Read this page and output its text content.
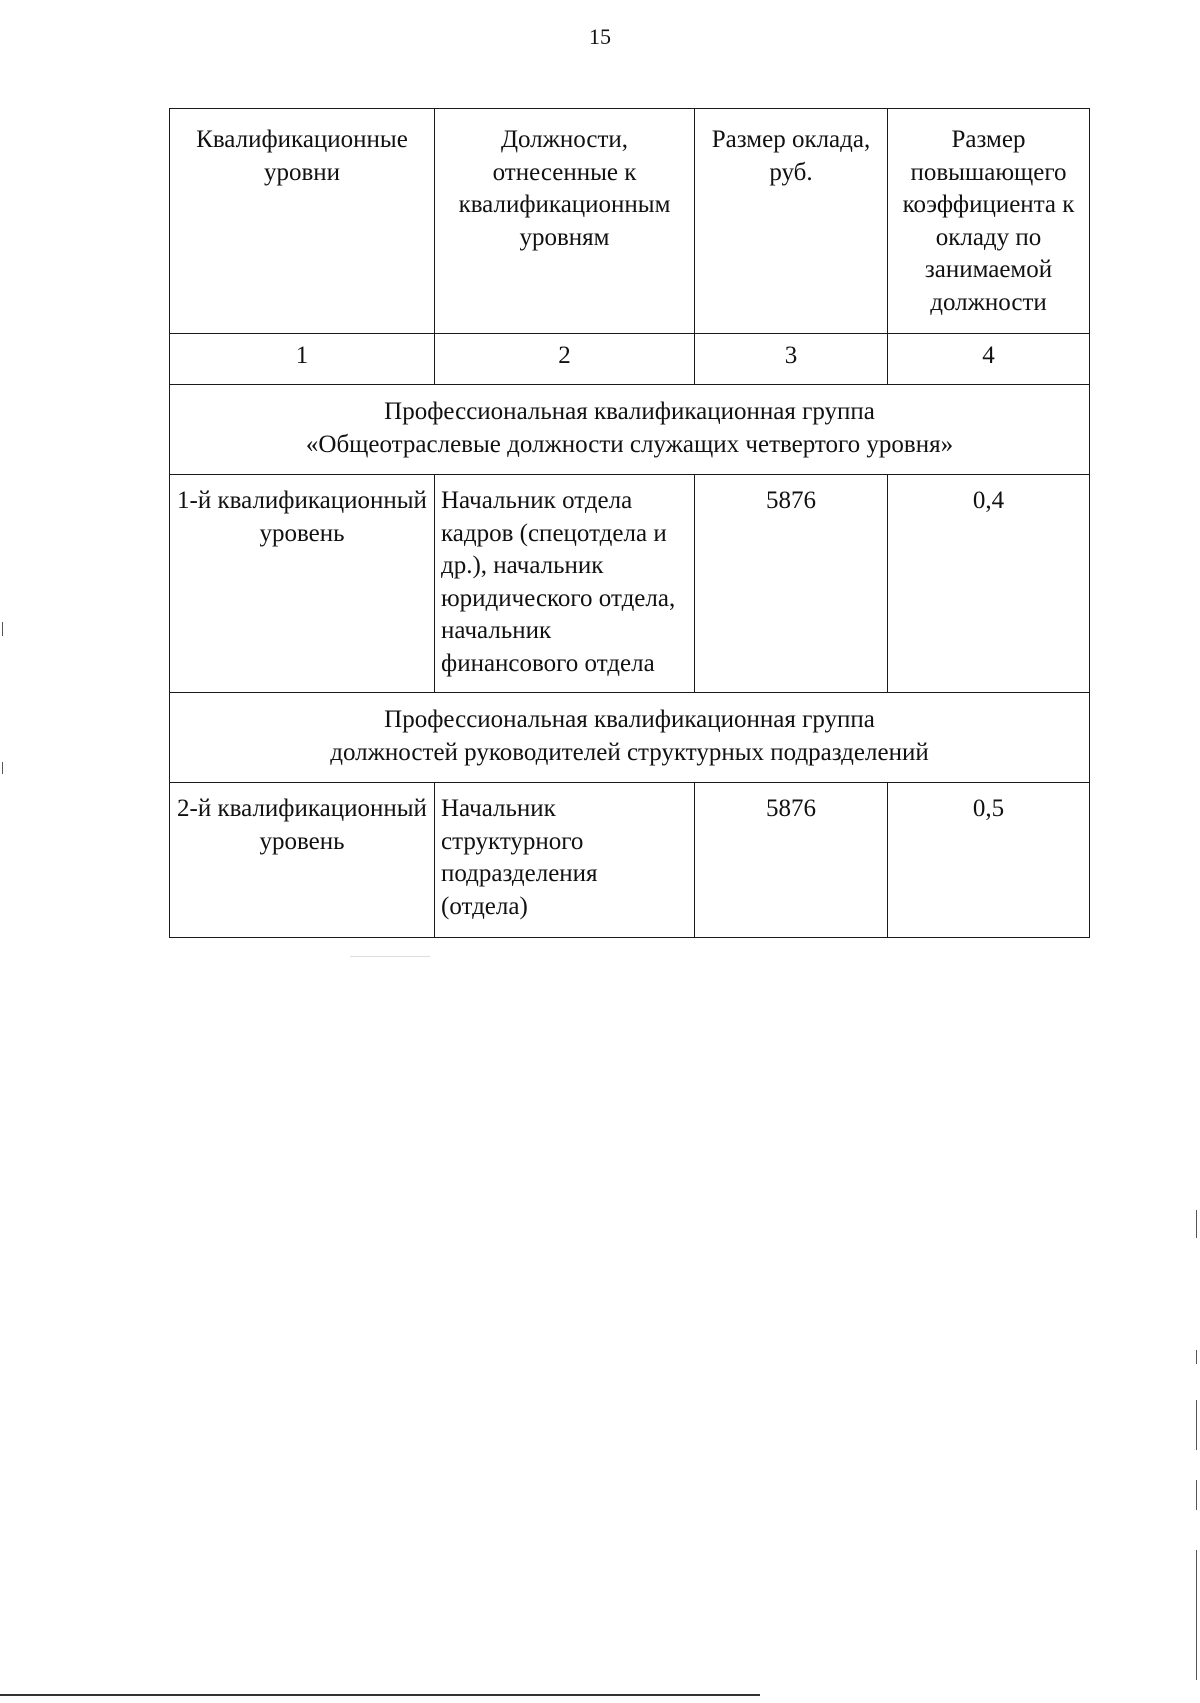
15
Квалификационные уровни	Должности, отнесенные к квалификационным уровням	Размер оклада, руб.	Размер повышающего коэффициента к окладу по занимаемой должности
1	2	3	4

Профессиональная квалификационная группа
«Общеотраслевые должности служащих четвертого уровня»			

1-й квалификационный уровень	Начальник отдела кадров (спецотдела и др.), начальник юридического отдела, начальник финансового отдела	5876	0,4

Профессиональная квалификационная группа
должностей руководителей структурных подразделений			

2-й квалификационный уровень	Начальник структурного подразделения (отдела)	5876	0,5
